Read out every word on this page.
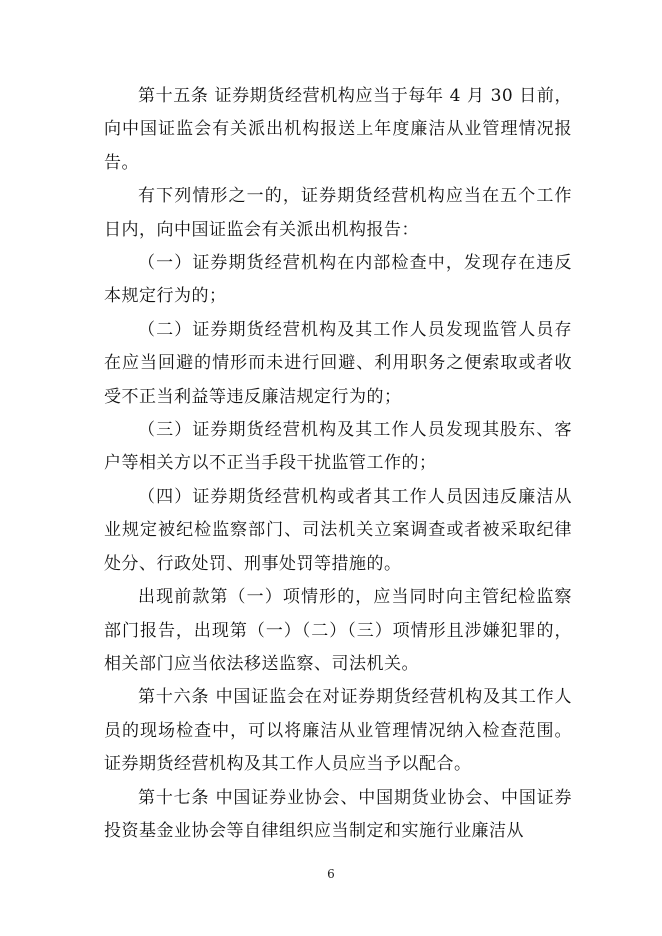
第十五条 证券期货经营机构应当于每年 4 月 30 日前，向中国证监会有关派出机构报送上年度廉洁从业管理情况报告。

有下列情形之一的，证券期货经营机构应当在五个工作日内，向中国证监会有关派出机构报告：

（一）证券期货经营机构在内部检查中，发现存在违反本规定行为的；

（二）证券期货经营机构及其工作人员发现监管人员存在应当回避的情形而未进行回避、利用职务之便索取或者收受不正当利益等违反廉洁规定行为的；

（三）证券期货经营机构及其工作人员发现其股东、客户等相关方以不正当手段干扰监管工作的；

（四）证券期货经营机构或者其工作人员因违反廉洁从业规定被纪检监察部门、司法机关立案调查或者被采取纪律处分、行政处罚、刑事处罚等措施的。

出现前款第（一）项情形的，应当同时向主管纪检监察部门报告，出现第（一）（二）（三）项情形且涉嫌犯罪的，相关部门应当依法移送监察、司法机关。

第十六条 中国证监会在对证券期货经营机构及其工作人员的现场检查中，可以将廉洁从业管理情况纳入检查范围。证券期货经营机构及其工作人员应当予以配合。

第十七条 中国证券业协会、中国期货业协会、中国证券投资基金业协会等自律组织应当制定和实施行业廉洁从

6
